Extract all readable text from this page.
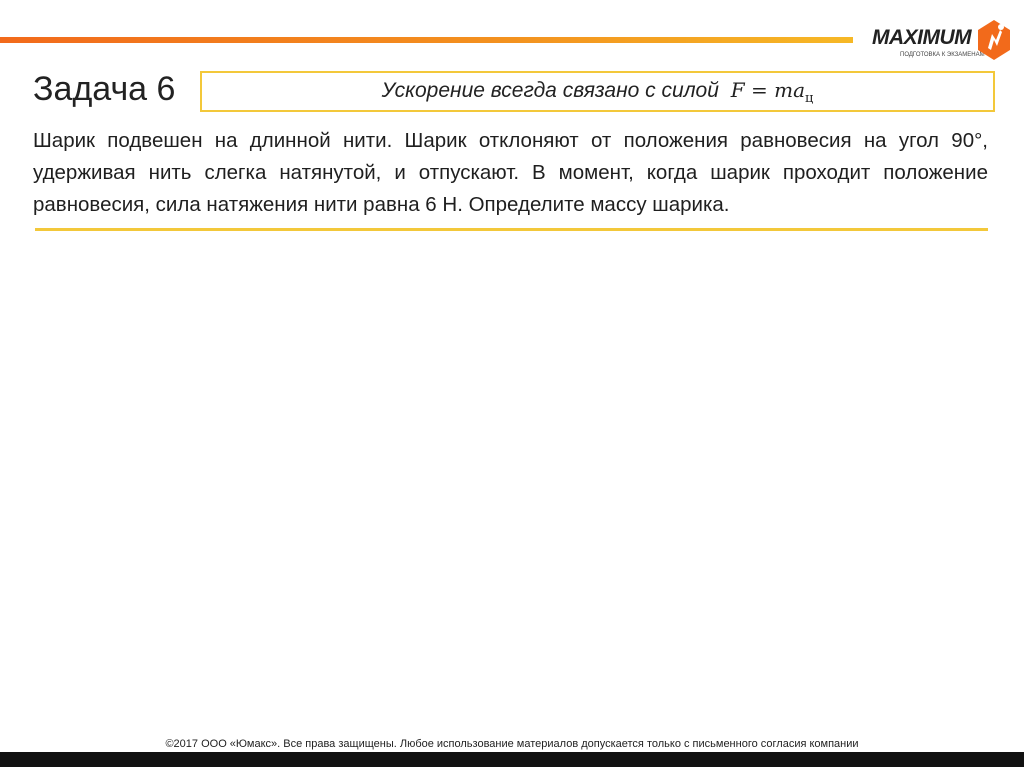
MAXIMUM
ПОДГОТОВКА К ЭКЗАМЕНАМ
Задача 6	Ускорение всегда связано с силой $F = ma_ц$

Шарик подвешен на длинной нити. Шарик отклоняют от положения равновесия на угол 90°, удерживая нить слегка натянутой, и отпускают. В момент, когда шарик проходит положение равновесия, сила натяжения нити равна 6 Н. Определите массу шарика.

©2017 ООО «Юмакс». Все права защищены. Любое использование материалов допускается только с письменного согласия компании
